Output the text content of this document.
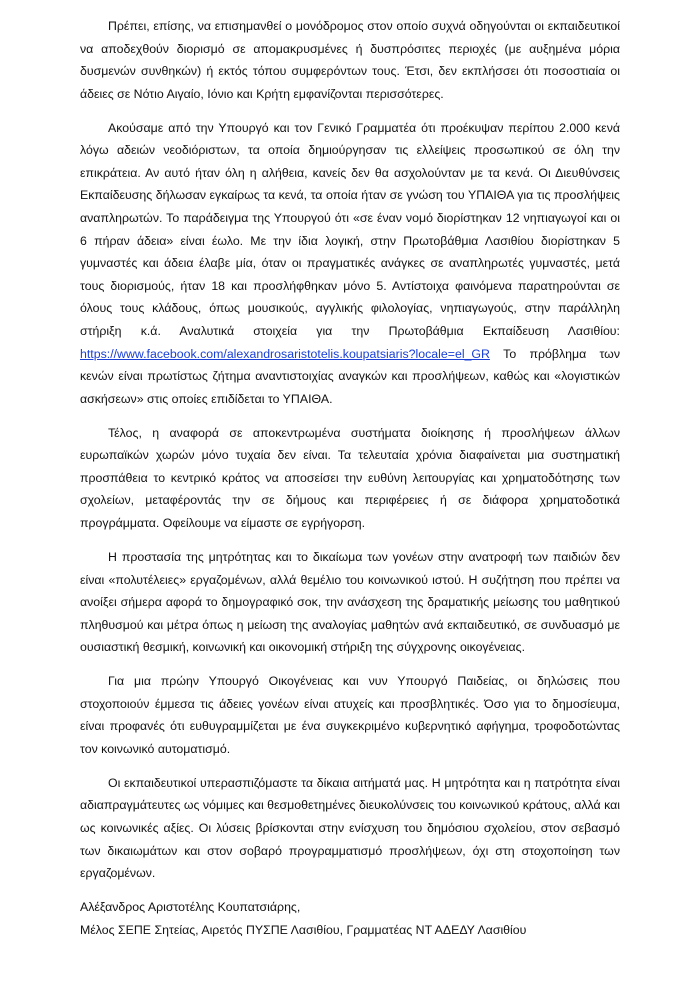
Πρέπει, επίσης, να επισημανθεί ο μονόδρομος στον οποίο συχνά οδηγούνται οι εκπαιδευτικοί να αποδεχθούν διορισμό σε απομακρυσμένες ή δυσπρόσιτες περιοχές (με αυξημένα μόρια δυσμενών συνθηκών) ή εκτός τόπου συμφερόντων τους. Έτσι, δεν εκπλήσσει ότι ποσοστιαία οι άδειες σε Νότιο Αιγαίο, Ιόνιο και Κρήτη εμφανίζονται περισσότερες.

Ακούσαμε από την Υπουργό και τον Γενικό Γραμματέα ότι προέκυψαν περίπου 2.000 κενά λόγω αδειών νεοδιόριστων, τα οποία δημιούργησαν τις ελλείψεις προσωπικού σε όλη την επικράτεια. Αν αυτό ήταν όλη η αλήθεια, κανείς δεν θα ασχολούνταν με τα κενά. Οι Διευθύνσεις Εκπαίδευσης δήλωσαν εγκαίρως τα κενά, τα οποία ήταν σε γνώση του ΥΠΑΙΘΑ για τις προσλήψεις αναπληρωτών. Το παράδειγμα της Υπουργού ότι «σε έναν νομό διορίστηκαν 12 νηπιαγωγοί και οι 6 πήραν άδεια» είναι έωλο. Με την ίδια λογική, στην Πρωτοβάθμια Λασιθίου διορίστηκαν 5 γυμναστές και άδεια έλαβε μία, όταν οι πραγματικές ανάγκες σε αναπληρωτές γυμναστές, μετά τους διορισμούς, ήταν 18 και προσλήφθηκαν μόνο 5. Αντίστοιχα φαινόμενα παρατηρούνται σε όλους τους κλάδους, όπως μουσικούς, αγγλικής φιλολογίας, νηπιαγωγούς, στην παράλληλη στήριξη κ.ά. Αναλυτικά στοιχεία για την Πρωτοβάθμια Εκπαίδευση Λασιθίου: https://www.facebook.com/alexandrosaristotelis.koupatsiaris?locale=el_GR Το πρόβλημα των κενών είναι πρωτίστως ζήτημα αναντιστοιχίας αναγκών και προσλήψεων, καθώς και «λογιστικών ασκήσεων» στις οποίες επιδίδεται το ΥΠΑΙΘΑ.

Τέλος, η αναφορά σε αποκεντρωμένα συστήματα διοίκησης ή προσλήψεων άλλων ευρωπαϊκών χωρών μόνο τυχαία δεν είναι. Τα τελευταία χρόνια διαφαίνεται μια συστηματική προσπάθεια το κεντρικό κράτος να αποσείσει την ευθύνη λειτουργίας και χρηματοδότησης των σχολείων, μεταφέροντάς την σε δήμους και περιφέρειες ή σε διάφορα χρηματοδοτικά προγράμματα. Οφείλουμε να είμαστε σε εγρήγορση.

Η προστασία της μητρότητας και το δικαίωμα των γονέων στην ανατροφή των παιδιών δεν είναι «πολυτέλειες» εργαζομένων, αλλά θεμέλιο του κοινωνικού ιστού. Η συζήτηση που πρέπει να ανοίξει σήμερα αφορά το δημογραφικό σοκ, την ανάσχεση της δραματικής μείωσης του μαθητικού πληθυσμού και μέτρα όπως η μείωση της αναλογίας μαθητών ανά εκπαιδευτικό, σε συνδυασμό με ουσιαστική θεσμική, κοινωνική και οικονομική στήριξη της σύγχρονης οικογένειας.

Για μια πρώην Υπουργό Οικογένειας και νυν Υπουργό Παιδείας, οι δηλώσεις που στοχοποιούν έμμεσα τις άδειες γονέων είναι ατυχείς και προσβλητικές. Όσο για το δημοσίευμα, είναι προφανές ότι ευθυγραμμίζεται με ένα συγκεκριμένο κυβερνητικό αφήγημα, τροφοδοτώντας τον κοινωνικό αυτοματισμό.

Οι εκπαιδευτικοί υπερασπιζόμαστε τα δίκαια αιτήματά μας. Η μητρότητα και η πατρότητα είναι αδιαπραγμάτευτες ως νόμιμες και θεσμοθετημένες διευκολύνσεις του κοινωνικού κράτους, αλλά και ως κοινωνικές αξίες. Οι λύσεις βρίσκονται στην ενίσχυση του δημόσιου σχολείου, στον σεβασμό των δικαιωμάτων και στον σοβαρό προγραμματισμό προσλήψεων, όχι στη στοχοποίηση των εργαζομένων.

Αλέξανδρος Αριστοτέλης Κουπατσιάρης,
Μέλος ΣΕΠΕ Σητείας, Αιρετός ΠΥΣΠΕ Λασιθίου, Γραμματέας ΝΤ ΑΔΕΔΥ Λασιθίου
